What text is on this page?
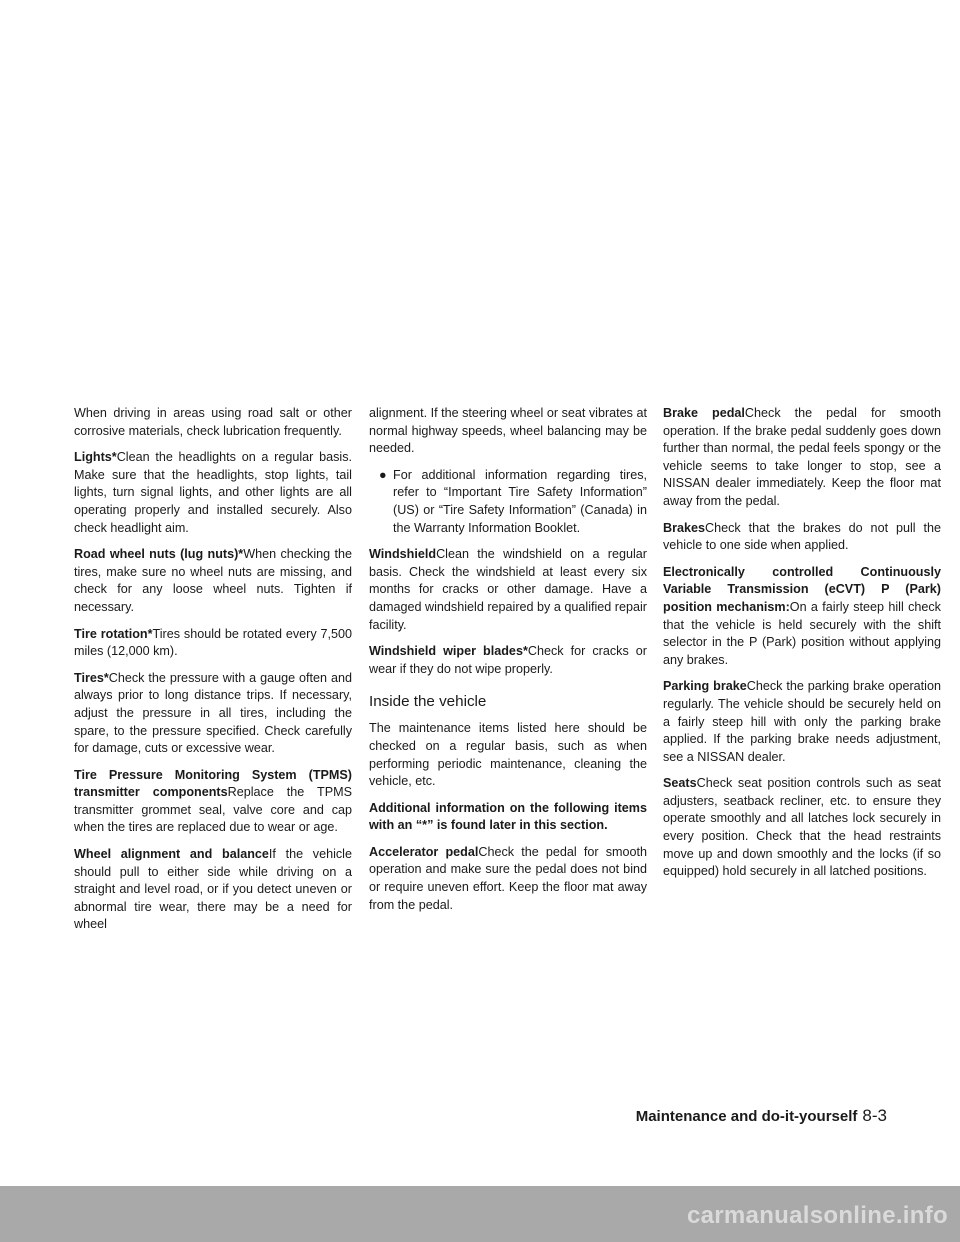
When driving in areas using road salt or other corrosive materials, check lubrication frequently.

Lights*Clean the headlights on a regular basis. Make sure that the headlights, stop lights, tail lights, turn signal lights, and other lights are all operating properly and installed securely. Also check headlight aim.

Road wheel nuts (lug nuts)*When checking the tires, make sure no wheel nuts are missing, and check for any loose wheel nuts. Tighten if necessary.

Tire rotation*Tires should be rotated every 7,500 miles (12,000 km).

Tires*Check the pressure with a gauge often and always prior to long distance trips. If necessary, adjust the pressure in all tires, including the spare, to the pressure specified. Check carefully for damage, cuts or excessive wear.

Tire Pressure Monitoring System (TPMS) transmitter componentsReplace the TPMS transmitter grommet seal, valve core and cap when the tires are replaced due to wear or age.

Wheel alignment and balanceIf the vehicle should pull to either side while driving on a straight and level road, or if you detect uneven or abnormal tire wear, there may be a need for wheel

alignment. If the steering wheel or seat vibrates at normal highway speeds, wheel balancing may be needed.

● For additional information regarding tires, refer to “Important Tire Safety Information” (US) or “Tire Safety Information” (Canada) in the Warranty Information Booklet.

WindshieldClean the windshield on a regular basis. Check the windshield at least every six months for cracks or other damage. Have a damaged windshield repaired by a qualified repair facility.

Windshield wiper blades*Check for cracks or wear if they do not wipe properly.

Inside the vehicle

The maintenance items listed here should be checked on a regular basis, such as when performing periodic maintenance, cleaning the vehicle, etc.

Additional information on the following items with an “*” is found later in this section.

Accelerator pedalCheck the pedal for smooth operation and make sure the pedal does not bind or require uneven effort. Keep the floor mat away from the pedal.

Brake pedalCheck the pedal for smooth operation. If the brake pedal suddenly goes down further than normal, the pedal feels spongy or the vehicle seems to take longer to stop, see a NISSAN dealer immediately. Keep the floor mat away from the pedal.

BrakesCheck that the brakes do not pull the vehicle to one side when applied.

Electronically controlled Continuously Variable Transmission (eCVT) P (Park) position mechanism:On a fairly steep hill check that the vehicle is held securely with the shift selector in the P (Park) position without applying any brakes.

Parking brakeCheck the parking brake operation regularly. The vehicle should be securely held on a fairly steep hill with only the parking brake applied. If the parking brake needs adjustment, see a NISSAN dealer.

SeatsCheck seat position controls such as seat adjusters, seatback recliner, etc. to ensure they operate smoothly and all latches lock securely in every position. Check that the head restraints move up and down smoothly and the locks (if so equipped) hold securely in all latched positions.

Maintenance and do-it-yourself 8-3
carmanualsonline.info
